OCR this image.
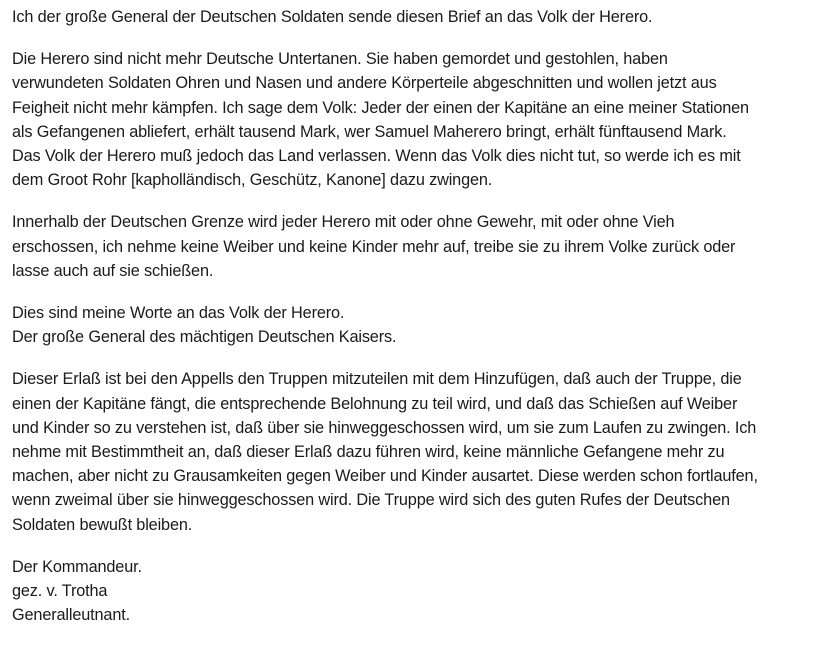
Ich der große General der Deutschen Soldaten sende diesen Brief an das Volk der Herero.

Die Herero sind nicht mehr Deutsche Untertanen. Sie haben gemordet und gestohlen, haben
verwundeten Soldaten Ohren und Nasen und andere Körperteile abgeschnitten und wollen jetzt aus
Feigheit nicht mehr kämpfen. Ich sage dem Volk: Jeder der einen der Kapitäne an eine meiner Stationen
als Gefangenen abliefert, erhält tausend Mark, wer Samuel Maherero bringt, erhält fünftausend Mark.
Das Volk der Herero muß jedoch das Land verlassen. Wenn das Volk dies nicht tut, so werde ich es mit
dem Groot Rohr [kapholländisch, Geschütz, Kanone] dazu zwingen.

Innerhalb der Deutschen Grenze wird jeder Herero mit oder ohne Gewehr, mit oder ohne Vieh
erschossen, ich nehme keine Weiber und keine Kinder mehr auf, treibe sie zu ihrem Volke zurück oder
lasse auch auf sie schießen.

Dies sind meine Worte an das Volk der Herero.
Der große General des mächtigen Deutschen Kaisers.

Dieser Erlaß ist bei den Appells den Truppen mitzuteilen mit dem Hinzufügen, daß auch der Truppe, die
einen der Kapitäne fängt, die entsprechende Belohnung zu teil wird, und daß das Schießen auf Weiber
und Kinder so zu verstehen ist, daß über sie hinweggeschossen wird, um sie zum Laufen zu zwingen. Ich
nehme mit Bestimmtheit an, daß dieser Erlaß dazu führen wird, keine männliche Gefangene mehr zu
machen, aber nicht zu Grausamkeiten gegen Weiber und Kinder ausartet. Diese werden schon fortlaufen,
wenn zweimal über sie hinweggeschossen wird. Die Truppe wird sich des guten Rufes der Deutschen
Soldaten bewußt bleiben.

Der Kommandeur.
gez. v. Trotha
Generalleutnant.
